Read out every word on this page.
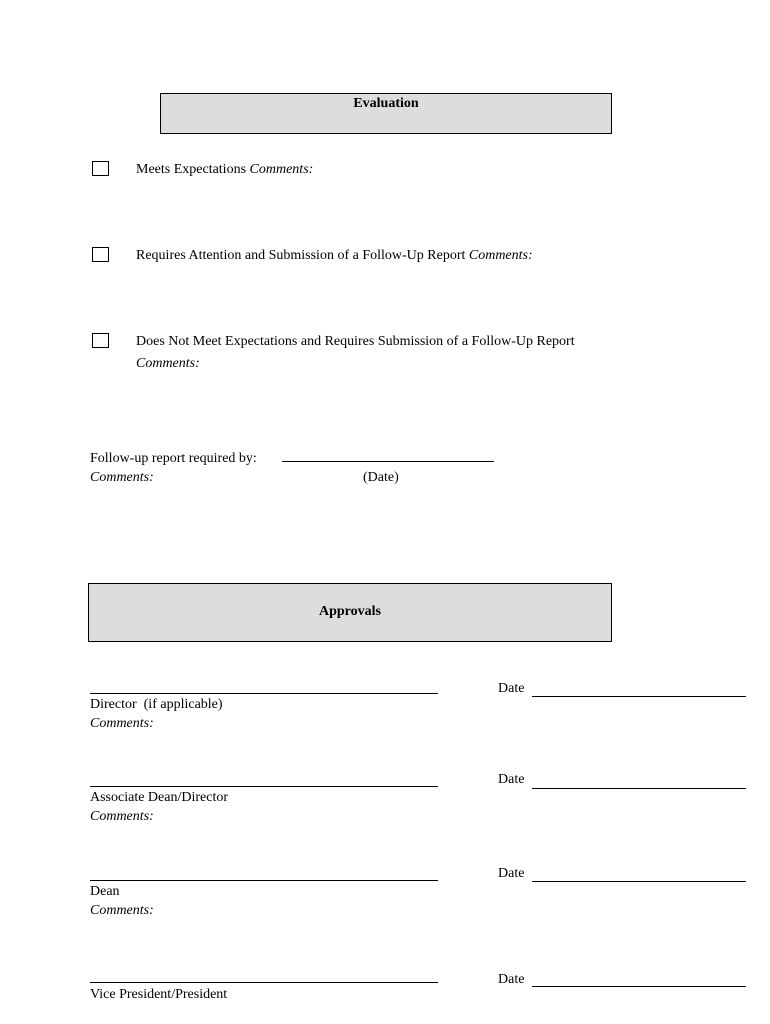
Evaluation
Meets Expectations Comments:
Requires Attention and Submission of a Follow-Up Report Comments:
Does Not Meet Expectations and Requires Submission of a Follow-Up Report
Comments:
Follow-up report required by:
Comments:	(Date)
Approvals
Director  (if applicable)
Comments:
Date
Associate Dean/Director
Comments:
Date
Dean
Comments:
Date
Vice President/President
Date
